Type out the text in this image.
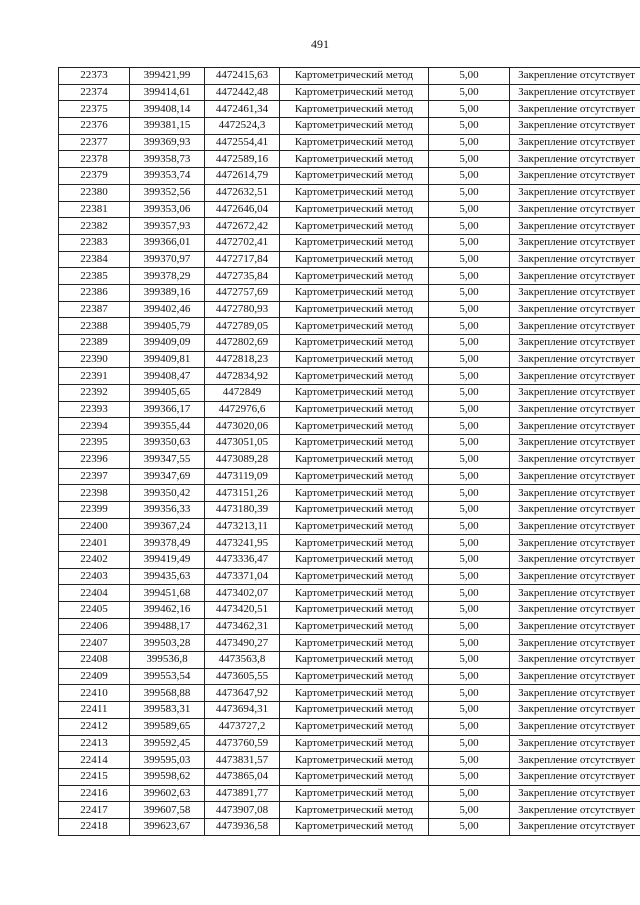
491
22373	399421,99	4472415,63	Картометрический метод	5,00	Закрепление отсутствует
22374	399414,61	4472442,48	Картометрический метод	5,00	Закрепление отсутствует
22375	399408,14	4472461,34	Картометрический метод	5,00	Закрепление отсутствует
22376	399381,15	4472524,3	Картометрический метод	5,00	Закрепление отсутствует
22377	399369,93	4472554,41	Картометрический метод	5,00	Закрепление отсутствует
22378	399358,73	4472589,16	Картометрический метод	5,00	Закрепление отсутствует
22379	399353,74	4472614,79	Картометрический метод	5,00	Закрепление отсутствует
22380	399352,56	4472632,51	Картометрический метод	5,00	Закрепление отсутствует
22381	399353,06	4472646,04	Картометрический метод	5,00	Закрепление отсутствует
22382	399357,93	4472672,42	Картометрический метод	5,00	Закрепление отсутствует
22383	399366,01	4472702,41	Картометрический метод	5,00	Закрепление отсутствует
22384	399370,97	4472717,84	Картометрический метод	5,00	Закрепление отсутствует
22385	399378,29	4472735,84	Картометрический метод	5,00	Закрепление отсутствует
22386	399389,16	4472757,69	Картометрический метод	5,00	Закрепление отсутствует
22387	399402,46	4472780,93	Картометрический метод	5,00	Закрепление отсутствует
22388	399405,79	4472789,05	Картометрический метод	5,00	Закрепление отсутствует
22389	399409,09	4472802,69	Картометрический метод	5,00	Закрепление отсутствует
22390	399409,81	4472818,23	Картометрический метод	5,00	Закрепление отсутствует
22391	399408,47	4472834,92	Картометрический метод	5,00	Закрепление отсутствует
22392	399405,65	4472849	Картометрический метод	5,00	Закрепление отсутствует
22393	399366,17	4472976,6	Картометрический метод	5,00	Закрепление отсутствует
22394	399355,44	4473020,06	Картометрический метод	5,00	Закрепление отсутствует
22395	399350,63	4473051,05	Картометрический метод	5,00	Закрепление отсутствует
22396	399347,55	4473089,28	Картометрический метод	5,00	Закрепление отсутствует
22397	399347,69	4473119,09	Картометрический метод	5,00	Закрепление отсутствует
22398	399350,42	4473151,26	Картометрический метод	5,00	Закрепление отсутствует
22399	399356,33	4473180,39	Картометрический метод	5,00	Закрепление отсутствует
22400	399367,24	4473213,11	Картометрический метод	5,00	Закрепление отсутствует
22401	399378,49	4473241,95	Картометрический метод	5,00	Закрепление отсутствует
22402	399419,49	4473336,47	Картометрический метод	5,00	Закрепление отсутствует
22403	399435,63	4473371,04	Картометрический метод	5,00	Закрепление отсутствует
22404	399451,68	4473402,07	Картометрический метод	5,00	Закрепление отсутствует
22405	399462,16	4473420,51	Картометрический метод	5,00	Закрепление отсутствует
22406	399488,17	4473462,31	Картометрический метод	5,00	Закрепление отсутствует
22407	399503,28	4473490,27	Картометрический метод	5,00	Закрепление отсутствует
22408	399536,8	4473563,8	Картометрический метод	5,00	Закрепление отсутствует
22409	399553,54	4473605,55	Картометрический метод	5,00	Закрепление отсутствует
22410	399568,88	4473647,92	Картометрический метод	5,00	Закрепление отсутствует
22411	399583,31	4473694,31	Картометрический метод	5,00	Закрепление отсутствует
22412	399589,65	4473727,2	Картометрический метод	5,00	Закрепление отсутствует
22413	399592,45	4473760,59	Картометрический метод	5,00	Закрепление отсутствует
22414	399595,03	4473831,57	Картометрический метод	5,00	Закрепление отсутствует
22415	399598,62	4473865,04	Картометрический метод	5,00	Закрепление отсутствует
22416	399602,63	4473891,77	Картометрический метод	5,00	Закрепление отсутствует
22417	399607,58	4473907,08	Картометрический метод	5,00	Закрепление отсутствует
22418	399623,67	4473936,58	Картометрический метод	5,00	Закрепление отсутствует
